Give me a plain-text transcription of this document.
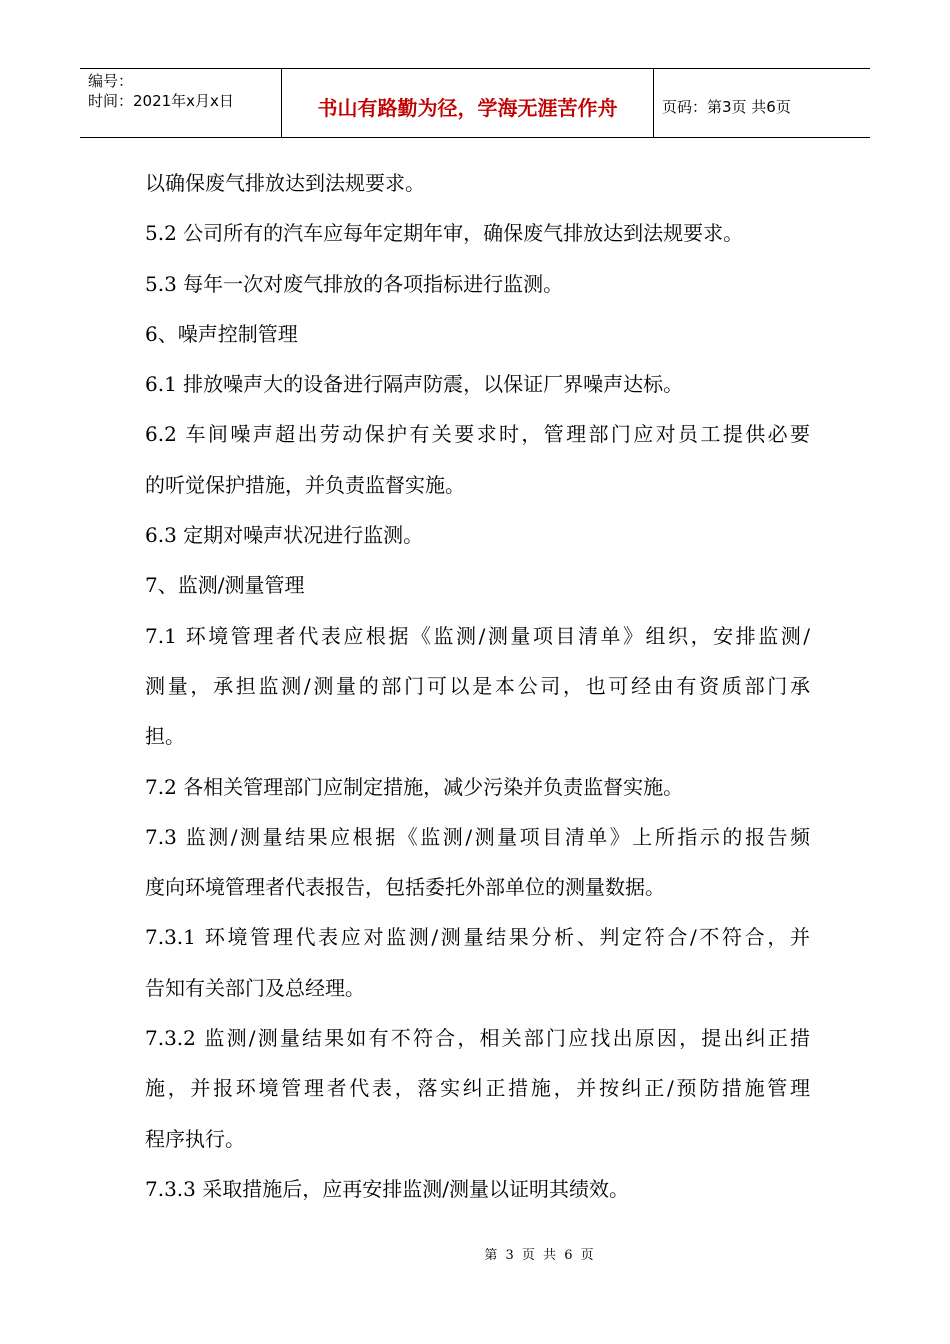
编号：
时间：2021年x月x日	书山有路勤为径，学海无涯苦作舟	页码：第3页 共6页
以确保废气排放达到法规要求。
5.2 公司所有的汽车应每年定期年审，确保废气排放达到法规要求。
5.3 每年一次对废气排放的各项指标进行监测。
6、噪声控制管理
6.1 排放噪声大的设备进行隔声防震，以保证厂界噪声达标。
6.2 车间噪声超出劳动保护有关要求时，管理部门应对员工提供必要
的听觉保护措施，并负责监督实施。
6.3 定期对噪声状况进行监测。
7、监测/测量管理
7.1 环境管理者代表应根据《监测/测量项目清单》组织，安排监测/
测量，承担监测/测量的部门可以是本公司，也可经由有资质部门承
担。
7.2 各相关管理部门应制定措施，减少污染并负责监督实施。
7.3 监测/测量结果应根据《监测/测量项目清单》上所指示的报告频
度向环境管理者代表报告，包括委托外部单位的测量数据。
7.3.1 环境管理代表应对监测/测量结果分析、判定符合/不符合，并
告知有关部门及总经理。
7.3.2 监测/测量结果如有不符合，相关部门应找出原因，提出纠正措
施，并报环境管理者代表，落实纠正措施，并按纠正/预防措施管理
程序执行。
7.3.3 采取措施后，应再安排监测/测量以证明其绩效。
第 3 页 共 6 页
